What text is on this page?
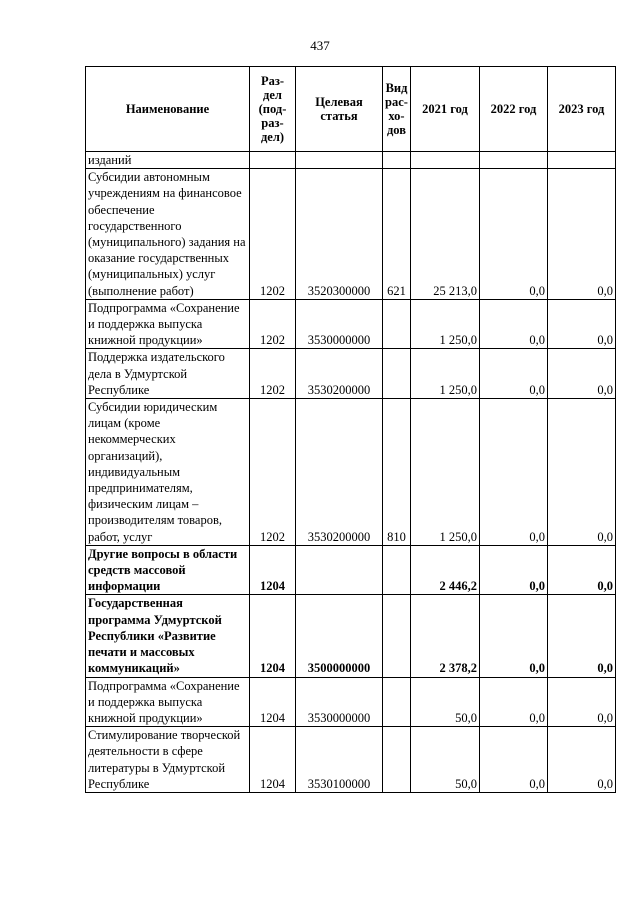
437
Наименование	Раз-
дел
(под-
раз-
дел)	Целевая
статья	Вид
рас-
хо-
дов	2021 год	2022 год	2023 год
изданий						
Субсидии автономным учреждениям на финансовое обеспечение государственного (муниципального) задания на оказание государственных (муниципальных) услуг (выполнение работ)	1202	3520300000	621	25 213,0	0,0	0,0
Подпрограмма «Сохранение и поддержка выпуска книжной продукции»	1202	3530000000		1 250,0	0,0	0,0
Поддержка издательского дела в Удмуртской Республике	1202	3530200000		1 250,0	0,0	0,0
Субсидии юридическим лицам (кроме некоммерческих организаций), индивидуальным предпринимателям, физическим лицам – производителям товаров, работ, услуг	1202	3530200000	810	1 250,0	0,0	0,0
Другие вопросы в области средств массовой информации	1204			2 446,2	0,0	0,0
Государственная программа Удмуртской Республики «Развитие печати и массовых коммуникаций»	1204	3500000000		2 378,2	0,0	0,0
Подпрограмма «Сохранение и поддержка выпуска книжной продукции»	1204	3530000000		50,0	0,0	0,0
Стимулирование творческой деятельности в сфере литературы в Удмуртской Республике	1204	3530100000		50,0	0,0	0,0
